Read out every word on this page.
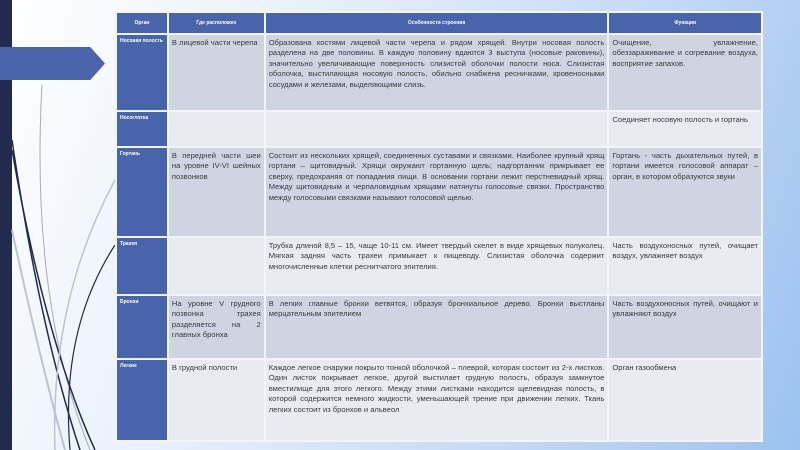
Орган	Где расположен	Особенности строения	Функции
Носовая полость	В лицевой части черепа	Образована костями лицевой части черепа и рядом хрящей. Внутри носовая полость разделена на две половины. В каждую половину вдаются 3 выступа (носовые раковины), значительно увеличивающие поверхность слизистой оболочки полости носа. Слизистая оболочка, выстилающая носовую полость, обильно снабжена ресничками, кровеносными сосудами и железами, выделяющими слизь.	Очищение, увлажнение, обеззараживание и согревание воздуха, восприятие запахов.
Носоглотка			Соединяет носовую полость и гортань
Гортань	В передней части шеи на уровне IV-VI шейных позвонков	Состоит из нескольких хрящей, соединенных суставами и связками. Наиболее крупный хрящ гортани – щитовидный. Хрящи окружают гортанную щель; надгортанник прикрывает ее сверху, предохраняя от попадания пищи. В основании гортани лежит перстневидный хрящ. Между щитовидным и черпаловидным хрящами натянуты голосовые связки. Пространство между голосовыми связками называют голосовой щелью.	Гортань - часть дыхательных путей, в гортани имеется голосовой аппарат – орган, в котором образуются звуки
Трахея		Трубка длиной 8,5 – 15, чаще 10-11 см. Имеет твердый скелет в виде хрящевых полуколец. Мягкая задняя часть трахеи примыкает к пищеводу. Слизистая оболочка содержит многочисленные клетки реснитчатого эпителия.	Часть воздухоносных путей, очищает воздух, увлажняет воздух
Бронхи	На уровне V грудного позвонка трахея разделяется на 2 главных бронха	В легких главные бронхи ветвятся, образуя бронхиальное дерево. Бронхи выстланы мерцательным эпителием	Часть воздухоносных путей, очищают и увлажняют воздух
Легкие	В грудной полости	Каждое легкое снаружи покрыто тонкой оболочкой – плеврой, которая состоит из 2-х листков. Один листок покрывает легкое, другой выстилает грудную полость, образуя замкнутое вместилище для этого легкого. Между этими листками находится щелевидная полость, в которой содержится немного жидкости, уменьшающей трение при движении легких. Ткань легких состоит из бронхов и альвеол	Орган газообмена
